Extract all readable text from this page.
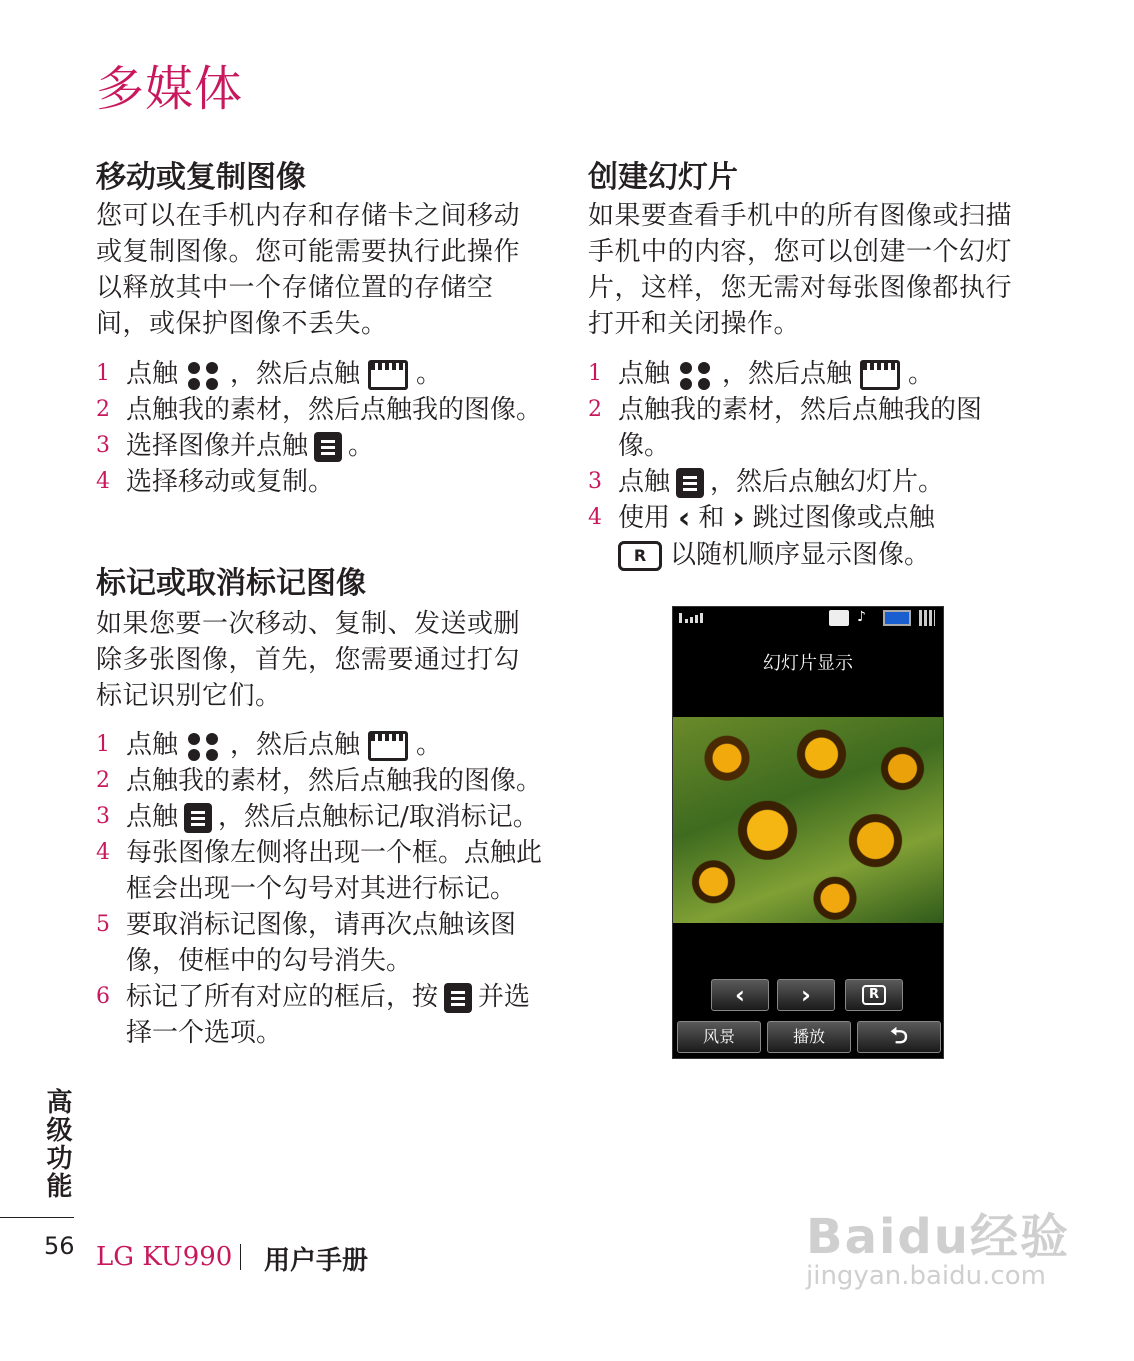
多媒体
移动或复制图像
您可以在手机内存和存储卡之间移动
或复制图像。您可能需要执行此操作
以释放其中一个存储位置的存储空
间，或保护图像不丢失。
1 点触 ，然后点触 。
2 点触我的素材，然后点触我的图像。
3 选择图像并点触 。
4 选择移动或复制。
标记或取消标记图像
如果您要一次移动、复制、发送或删
除多张图像，首先，您需要通过打勾
标记识别它们。
1 点触 ，然后点触 。
2 点触我的素材，然后点触我的图像。
3 点触 ，然后点触标记/取消标记。
4 每张图像左侧将出现一个框。点触此框会出现一个勾号对其进行标记。
5 要取消标记图像，请再次点触该图像，使框中的勾号消失。
6 标记了所有对应的框后，按 并选择一个选项。
创建幻灯片
如果要查看手机中的所有图像或扫描
手机中的内容，您可以创建一个幻灯
片，这样，您无需对每张图像都执行
打开和关闭操作。
1 点触 ，然后点触 。
2 点触我的素材，然后点触我的图像。
3 点触 ，然后点触幻灯片。
4 使用 ‹ 和 › 跳过图像或点触
R 以随机顺序显示图像。
♪
幻灯片显示
‹	›	R
风景	播放	⮌
高级功能
56 LG KU990 用户手册	Baidu经验
jingyan.baidu.com
